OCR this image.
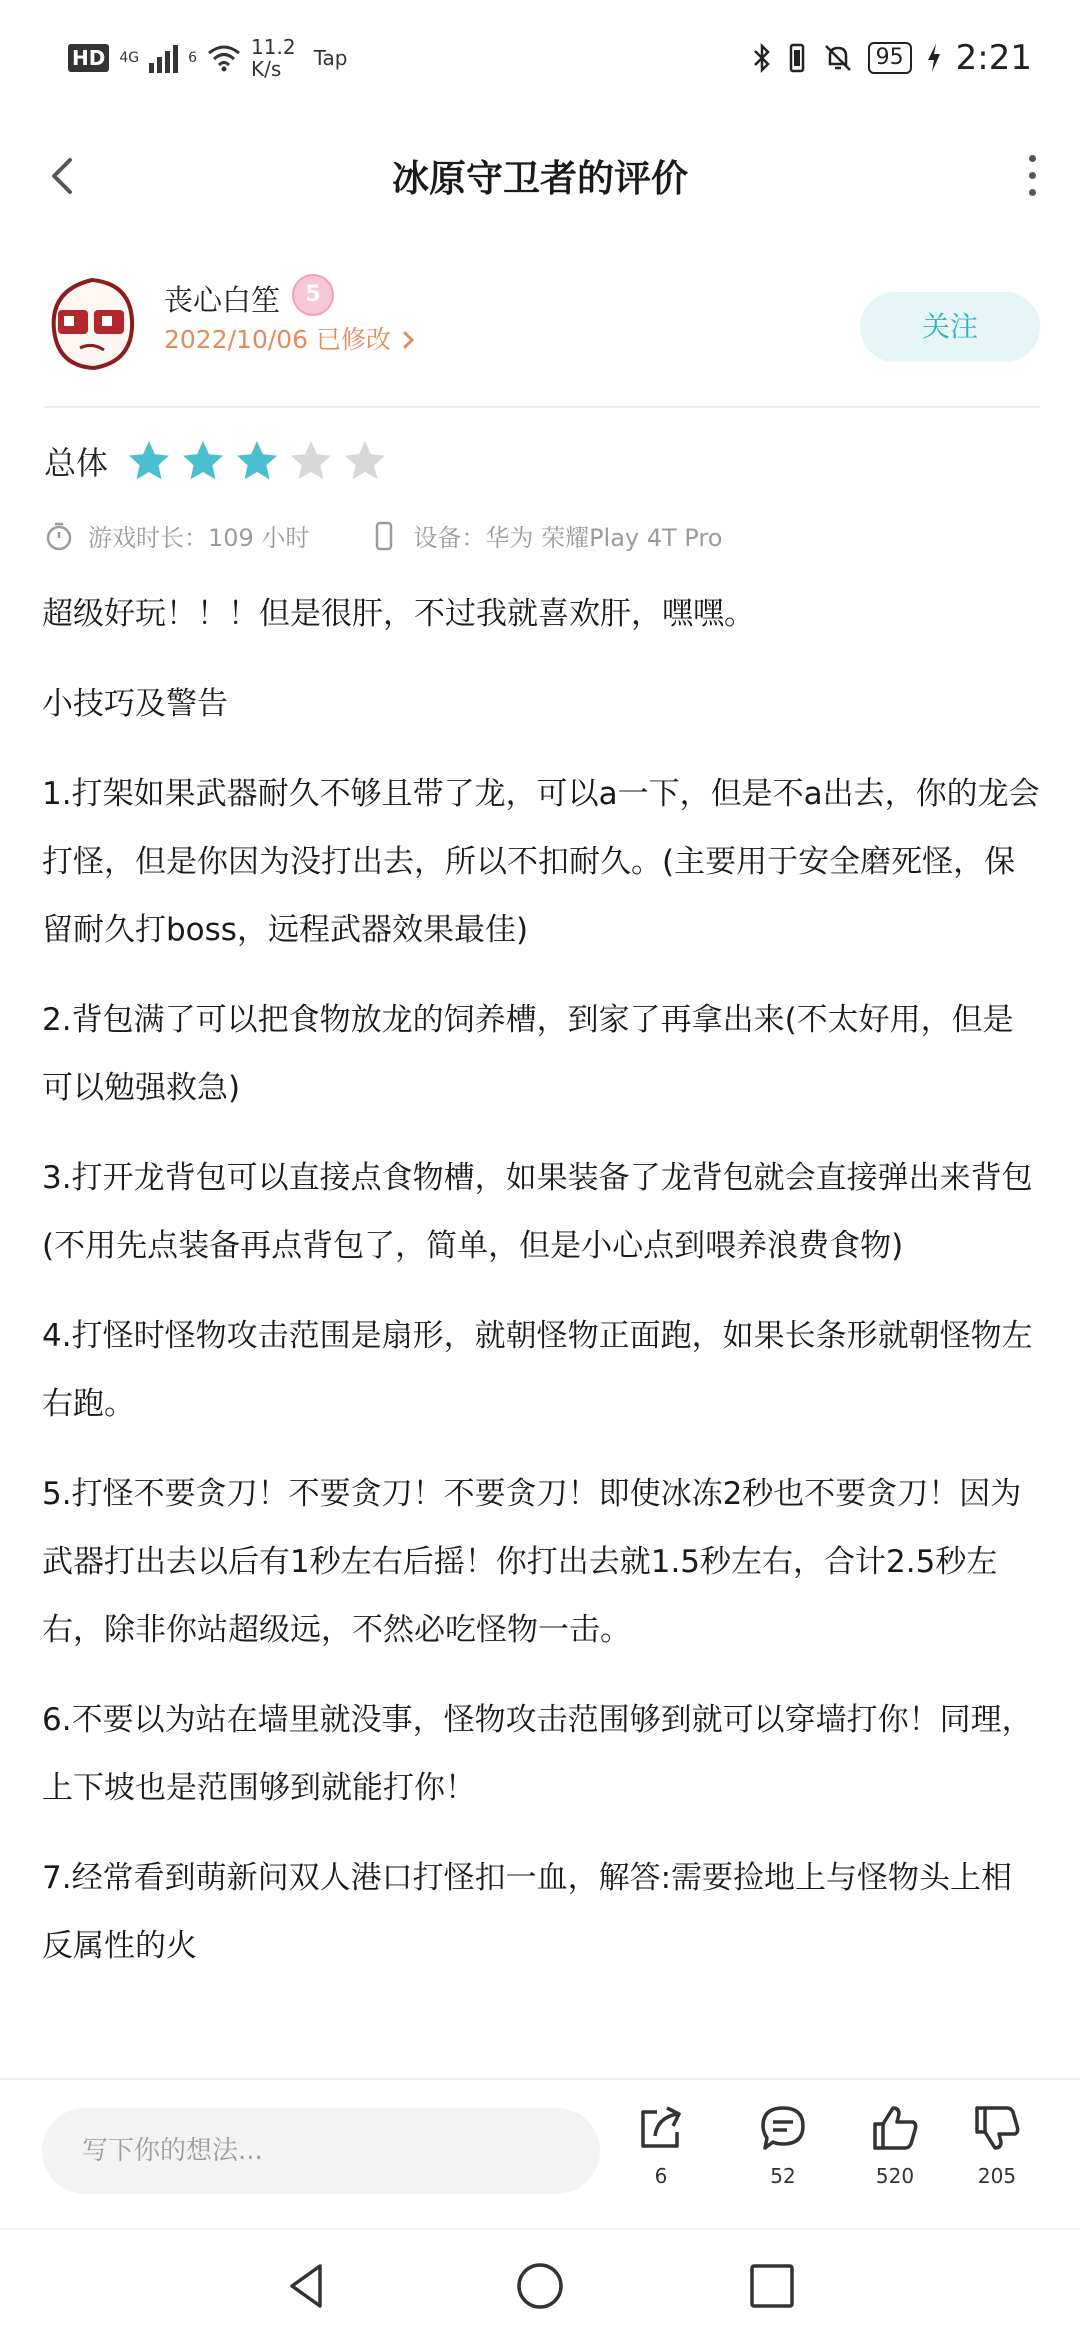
HD 4G	6	11.2
K/s	Tap	95 2:21
冰原守卫者的评价
丧心白笙	5
2022/10/06 已修改	关注
总体
游戏时长：109 小时	设备：华为 荣耀Play 4T Pro

超级好玩！！！但是很肝，不过我就喜欢肝，嘿嘿。

小技巧及警告

1.打架如果武器耐久不够且带了龙，可以a一下，但是不a出去，你的龙会打怪，但是你因为没打出去，所以不扣耐久。(主要用于安全磨死怪，保留耐久打boss，远程武器效果最佳)

2.背包满了可以把食物放龙的饲养槽，到家了再拿出来(不太好用，但是可以勉强救急)

3.打开龙背包可以直接点食物槽，如果装备了龙背包就会直接弹出来背包(不用先点装备再点背包了，简单，但是小心点到喂养浪费食物)

4.打怪时怪物攻击范围是扇形，就朝怪物正面跑，如果长条形就朝怪物左右跑。

5.打怪不要贪刀！不要贪刀！不要贪刀！即使冰冻2秒也不要贪刀！因为武器打出去以后有1秒左右后摇！你打出去就1.5秒左右，合计2.5秒左右，除非你站超级远，不然必吃怪物一击。

6.不要以为站在墙里就没事，怪物攻击范围够到就可以穿墙打你！同理，上下坡也是范围够到就能打你！

7.经常看到萌新问双人港口打怪扣一血，解答:需要捡地上与怪物头上相反属性的火

写下你的想法...
6	52	520	205
